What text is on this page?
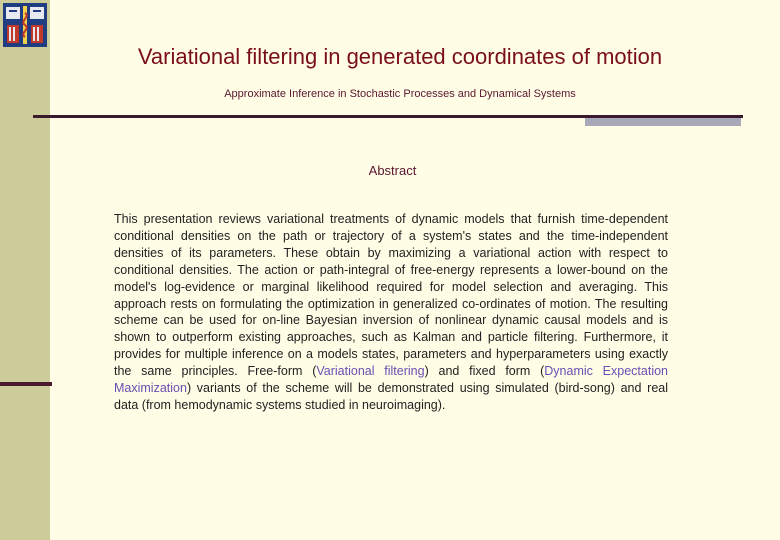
Variational filtering in generated coordinates of motion
Approximate Inference in Stochastic Processes and Dynamical Systems
Abstract

This presentation reviews variational treatments of dynamic models that furnish time-dependent conditional densities on the path or trajectory of a system's states and the time-independent densities of its parameters. These obtain by maximizing a variational action with respect to conditional densities. The action or path-integral of free-energy represents a lower-bound on the model's log-evidence or marginal likelihood required for model selection and averaging. This approach rests on formulating the optimization in generalized co-ordinates of motion. The resulting scheme can be used for on-line Bayesian inversion of nonlinear dynamic causal models and is shown to outperform existing approaches, such as Kalman and particle filtering. Furthermore, it provides for multiple inference on a models states, parameters and hyperparameters using exactly the same principles. Free-form (Variational filtering) and fixed form (Dynamic Expectation Maximization) variants of the scheme will be demonstrated using simulated (bird-song) and real data (from hemodynamic systems studied in neuroimaging).
